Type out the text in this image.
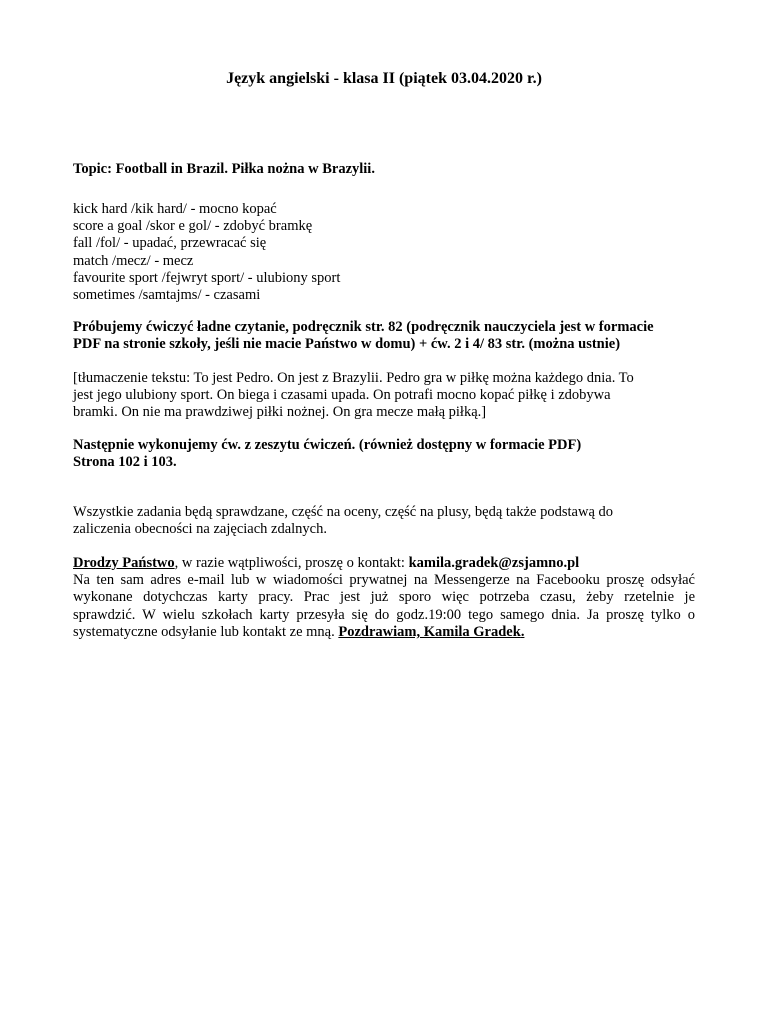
Język angielski - klasa II (piątek 03.04.2020 r.)
Topic: Football in Brazil. Piłka nożna w Brazylii.
kick hard /kik hard/ - mocno kopać
score a goal /skor e gol/ - zdobyć bramkę
fall /fol/ - upadać, przewracać się
match /mecz/ - mecz
favourite sport /fejwryt sport/ - ulubiony sport
sometimes /samtajms/ - czasami
Próbujemy ćwiczyć ładne czytanie, podręcznik str. 82 (podręcznik nauczyciela jest w formacie
PDF na stronie szkoły, jeśli nie macie Państwo w domu) + ćw. 2 i 4/ 83 str. (można ustnie)
[tłumaczenie tekstu: To jest Pedro. On jest z Brazylii. Pedro gra w piłkę można każdego dnia. To
jest jego ulubiony sport. On biega i czasami upada. On potrafi mocno kopać piłkę i zdobywa
bramki. On nie ma prawdziwej piłki nożnej. On gra mecze małą piłką.]
Następnie wykonujemy ćw. z zeszytu ćwiczeń. (również dostępny w formacie PDF)
Strona 102 i 103.
Wszystkie zadania będą sprawdzane, część na oceny, część na plusy, będą także podstawą do
zaliczenia obecności na zajęciach zdalnych.
Drodzy Państwo, w razie wątpliwości, proszę o kontakt: kamila.gradek@zsjamno.pl
Na ten sam adres e-mail lub w wiadomości prywatnej na Messengerze na Facebooku proszę odsyłać
wykonane dotychczas karty pracy. Prac jest już sporo więc potrzeba czasu, żeby rzetelnie je
sprawdzić. W wielu szkołach karty przesyła się do godz.19:00 tego samego dnia. Ja proszę tylko o
systematyczne odsyłanie lub kontakt ze mną. Pozdrawiam, Kamila Gradek.
